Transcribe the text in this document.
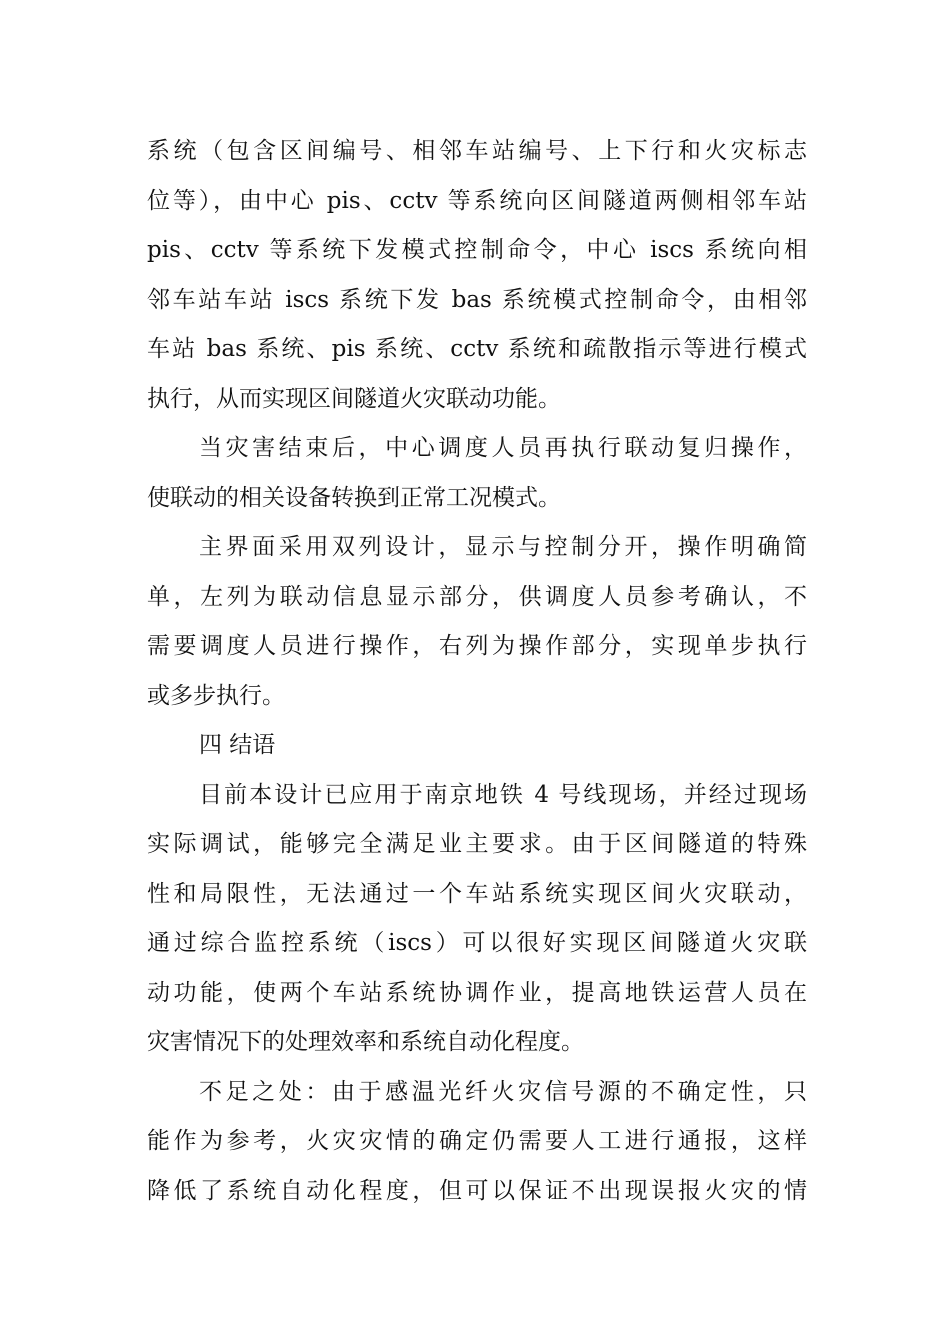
系统（包含区间编号、相邻车站编号、上下行和火灾标志
位等），由中心 pis、cctv 等系统向区间隧道两侧相邻车站
pis、cctv 等系统下发模式控制命令，中心 iscs 系统向相
邻车站车站 iscs 系统下发 bas 系统模式控制命令，由相邻
车站 bas 系统、pis 系统、cctv 系统和疏散指示等进行模式
执行，从而实现区间隧道火灾联动功能。
当灾害结束后，中心调度人员再执行联动复归操作，
使联动的相关设备转换到正常工况模式。
主界面采用双列设计，显示与控制分开，操作明确简
单，左列为联动信息显示部分，供调度人员参考确认，不
需要调度人员进行操作，右列为操作部分，实现单步执行
或多步执行。
四 结语
目前本设计已应用于南京地铁 4 号线现场，并经过现场
实际调试，能够完全满足业主要求。由于区间隧道的特殊
性和局限性，无法通过一个车站系统实现区间火灾联动，
通过综合监控系统（iscs）可以很好实现区间隧道火灾联
动功能，使两个车站系统协调作业，提高地铁运营人员在
灾害情况下的处理效率和系统自动化程度。
不足之处：由于感温光纤火灾信号源的不确定性，只
能作为参考，火灾灾情的确定仍需要人工进行通报，这样
降低了系统自动化程度，但可以保证不出现误报火灾的情
